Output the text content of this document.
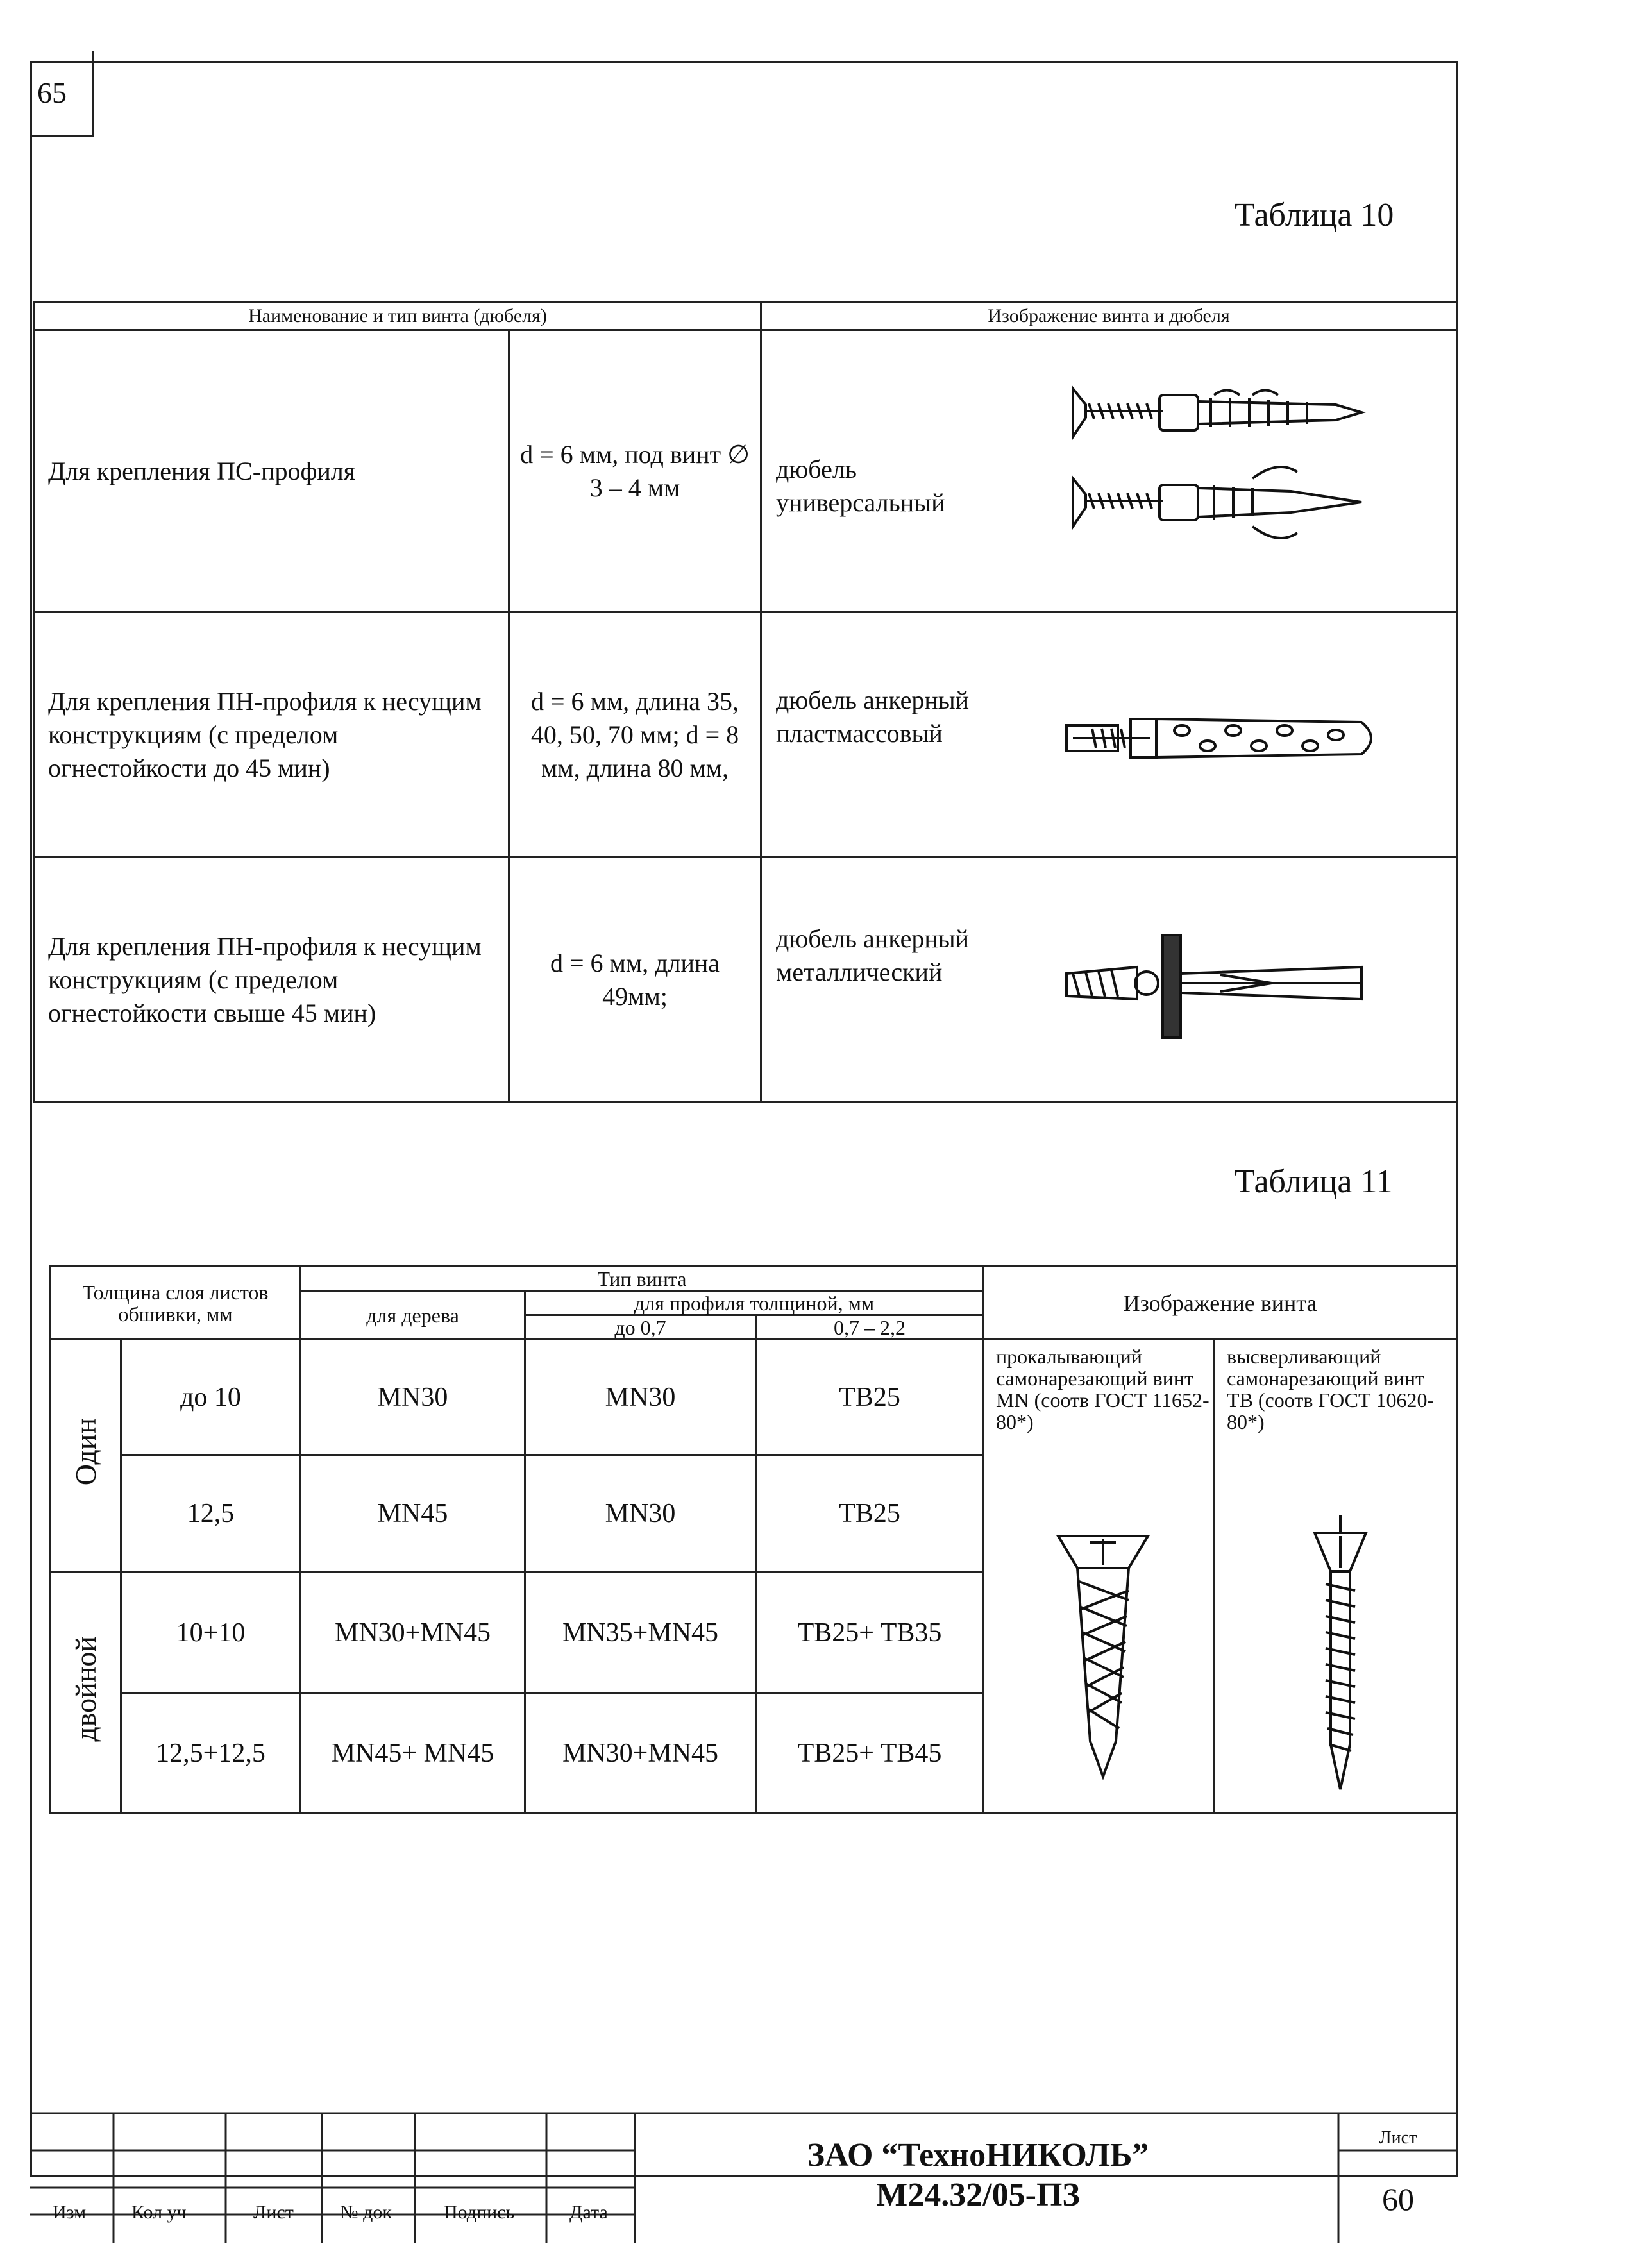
65
Таблица 10
Наименование и тип винта (дюбеля)		Изображение винта и дюбеля
Для крепления ПС-профиля	d = 6 мм, под винт ∅ 3 – 4 мм	дюбель универсальный

Для крепления ПН-профиля к несущим конструкциям (с пределом огнестойкости до 45 мин)	d = 6 мм, длина 35, 40, 50, 70 мм; d = 8 мм, длина 80 мм,	дюбель анкерный пластмассовый

Для крепления ПН-профиля к несущим конструкциям (с пределом огнестойкости свыше 45 мин)	d = 6 мм, длина 49мм;	дюбель анкерный металлический
Таблица 11
Толщина слоя листов обшивки, мм		Тип винта			Изображение винта	
		для дерева	для профиля толщиной, мм			
			до 0,7	0,7 – 2,2		
Один	до 10	MN30	MN30	TB25	прокалывающий самонарезающий винт MN (соотв ГОСТ 11652-80*)	высверливающий самонарезающий винт TB (соотв ГОСТ 10620-80*)

	12,5	MN45	MN30	TB25		
двойной	10+10	MN30+MN45	MN35+MN45	TB25+ TB35		
	12,5+12,5	MN45+ MN45	MN30+MN45	TB25+ TB45		
Изм Кол уч	Лист № док	Подпись	Дата
ЗАО “ТехноНИКОЛЬ”
М24.32/05-ПЗ
Лист
60
